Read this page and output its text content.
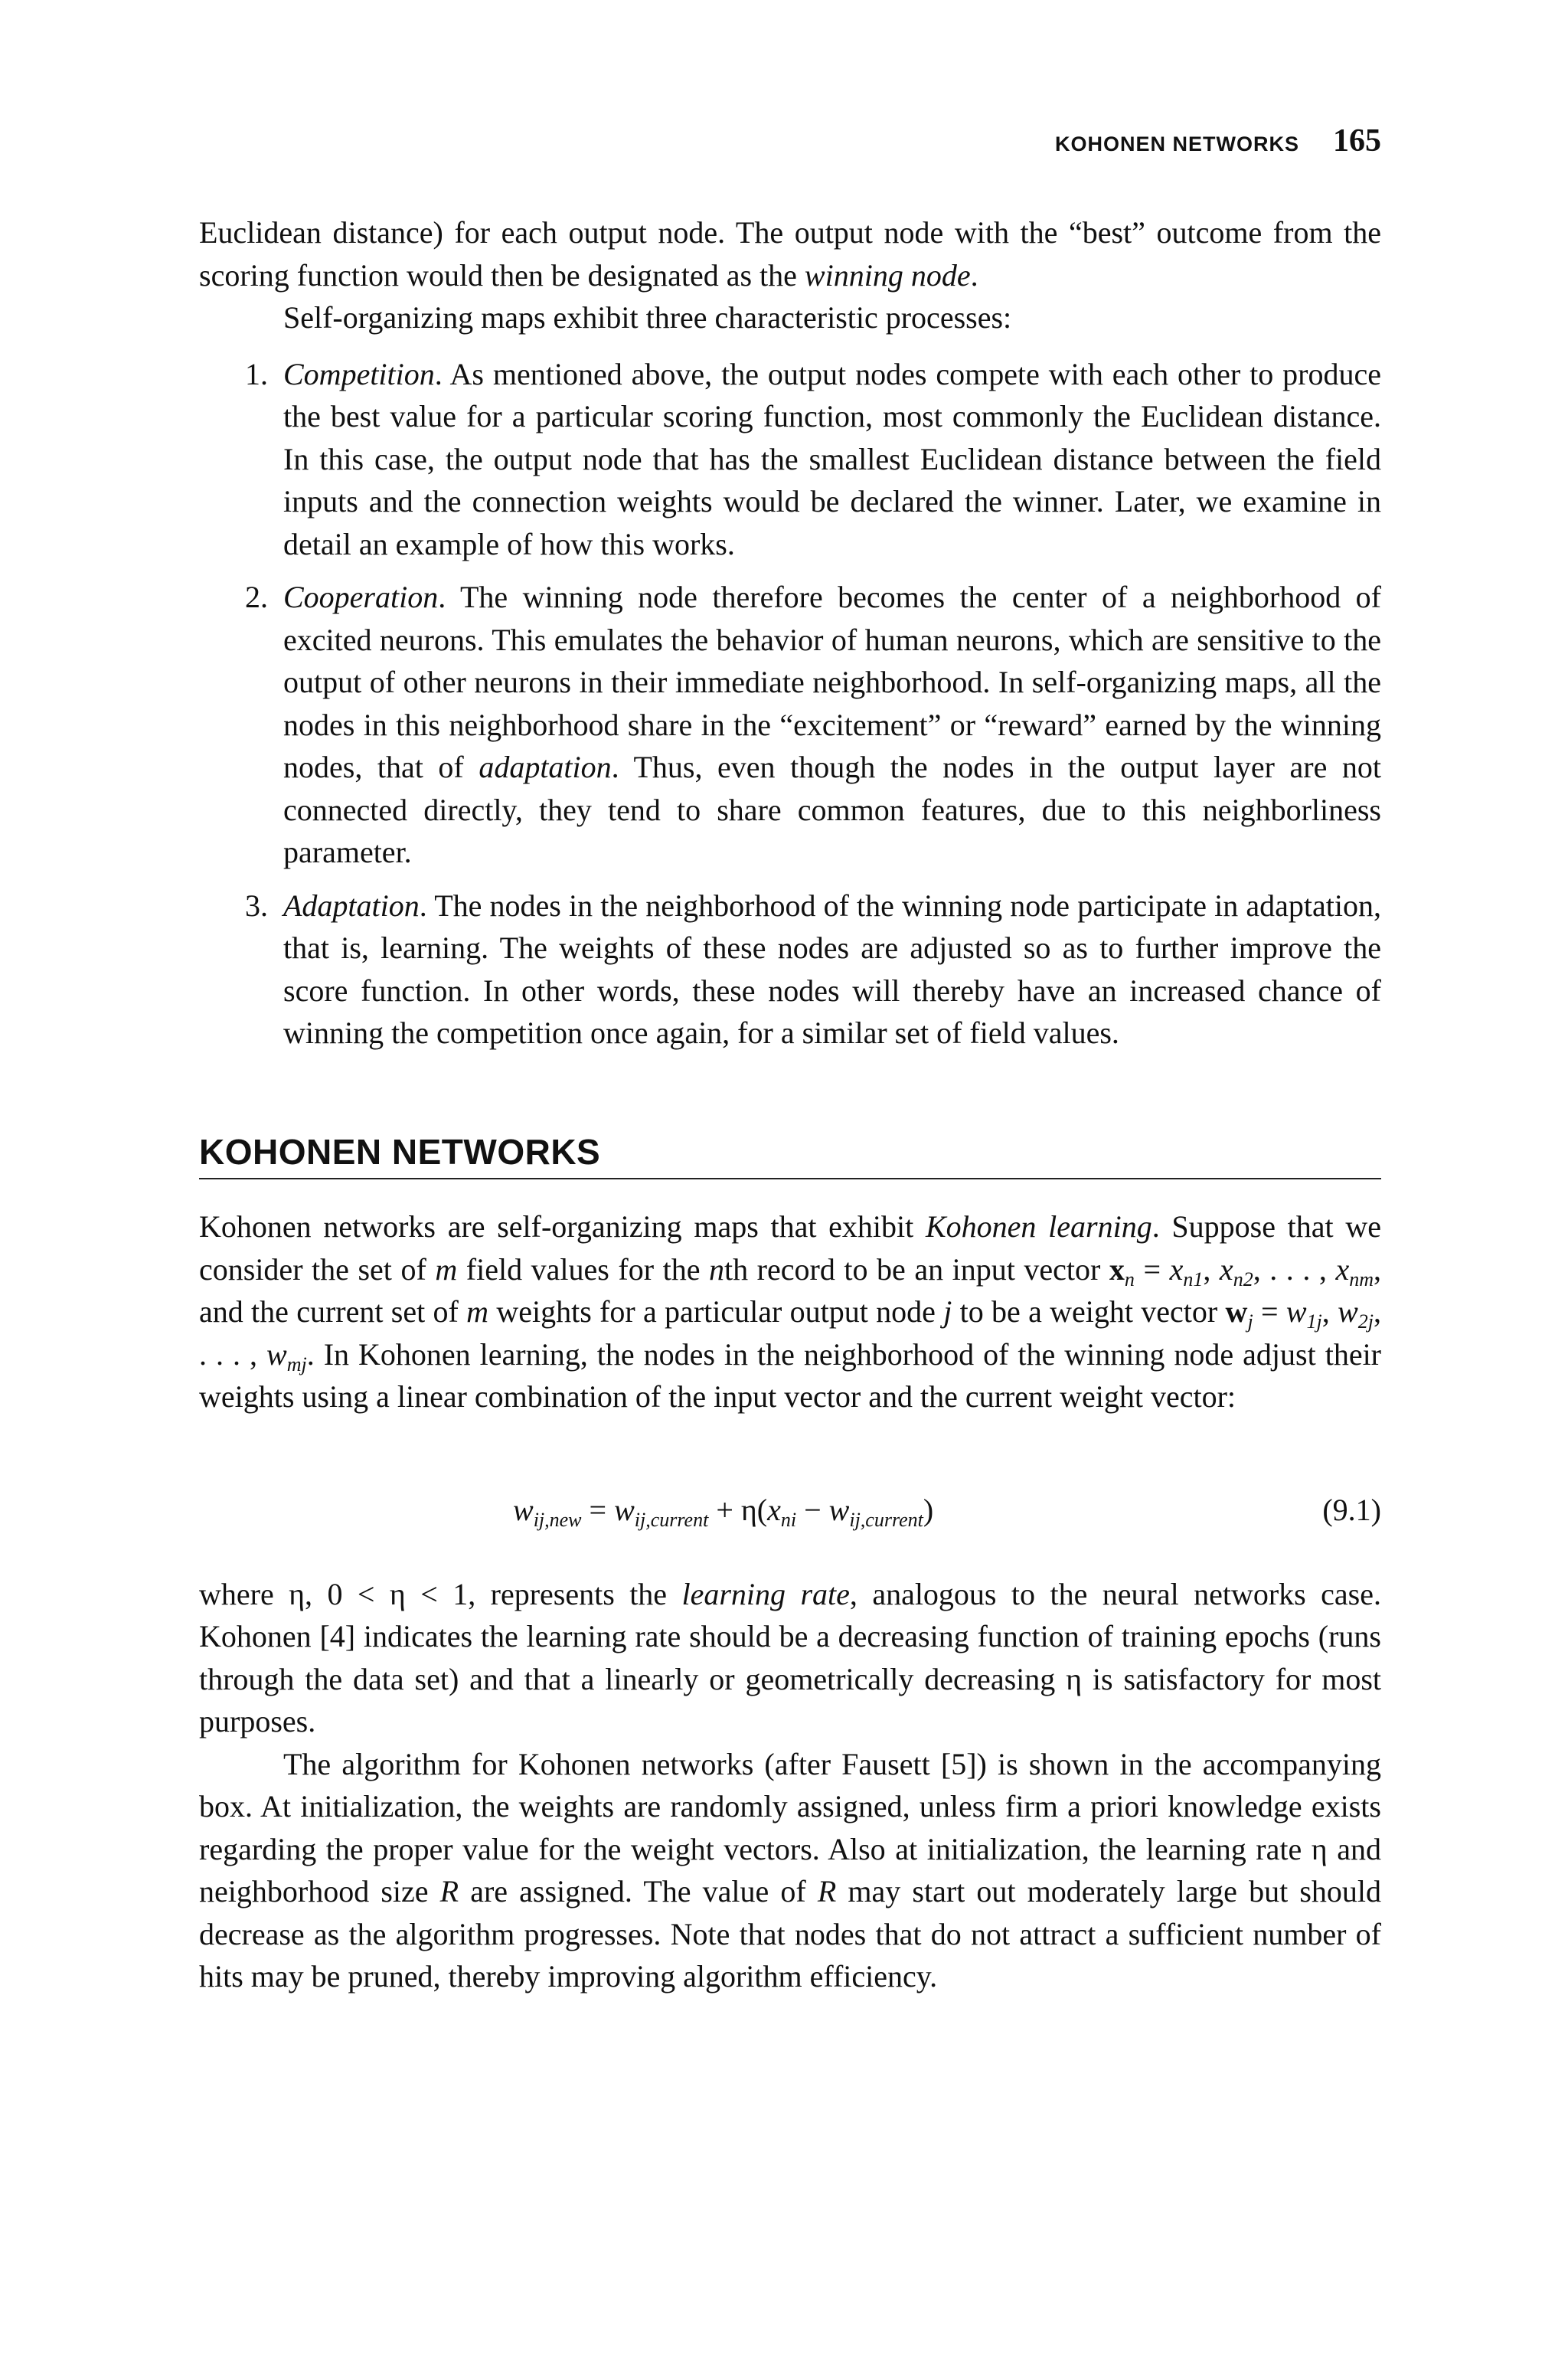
KOHONEN NETWORKS 165

Euclidean distance) for each output node. The output node with the “best” outcome from the scoring function would then be designated as the winning node.

Self-organizing maps exhibit three characteristic processes:

1. Competition. As mentioned above, the output nodes compete with each other to produce the best value for a particular scoring function, most commonly the Euclidean distance. In this case, the output node that has the smallest Euclidean distance between the field inputs and the connection weights would be declared the winner. Later, we examine in detail an example of how this works.
2. Cooperation. The winning node therefore becomes the center of a neighborhood of excited neurons. This emulates the behavior of human neurons, which are sensitive to the output of other neurons in their immediate neighborhood. In self-organizing maps, all the nodes in this neighborhood share in the “excitement” or “reward” earned by the winning nodes, that of adaptation. Thus, even though the nodes in the output layer are not connected directly, they tend to share common features, due to this neighborliness parameter.
3. Adaptation. The nodes in the neighborhood of the winning node participate in adaptation, that is, learning. The weights of these nodes are adjusted so as to further improve the score function. In other words, these nodes will thereby have an increased chance of winning the competition once again, for a similar set of field values.
KOHONEN NETWORKS

Kohonen networks are self-organizing maps that exhibit Kohonen learning. Suppose that we consider the set of m field values for the nth record to be an input vector $x_n = x_{n1}$, $x_{n2}$, . . . , $x_{nm}$, and the current set of m weights for a particular output node j to be a weight vector $w_j = w_{1j}$, $w_{2j}$, . . . , $w_{mj}$. In Kohonen learning, the nodes in the neighborhood of the winning node adjust their weights using a linear combination of the input vector and the current weight vector:

$w_{ij,new} = w_{ij,current} + \eta(x_{ni} - w_{ij,current})$	(9.1)

where η, 0 < η < 1, represents the learning rate, analogous to the neural networks case. Kohonen [4] indicates the learning rate should be a decreasing function of training epochs (runs through the data set) and that a linearly or geometrically decreasing η is satisfactory for most purposes.

The algorithm for Kohonen networks (after Fausett [5]) is shown in the accompanying box. At initialization, the weights are randomly assigned, unless firm a priori knowledge exists regarding the proper value for the weight vectors. Also at initialization, the learning rate η and neighborhood size R are assigned. The value of R may start out moderately large but should decrease as the algorithm progresses. Note that nodes that do not attract a sufficient number of hits may be pruned, thereby improving algorithm efficiency.
